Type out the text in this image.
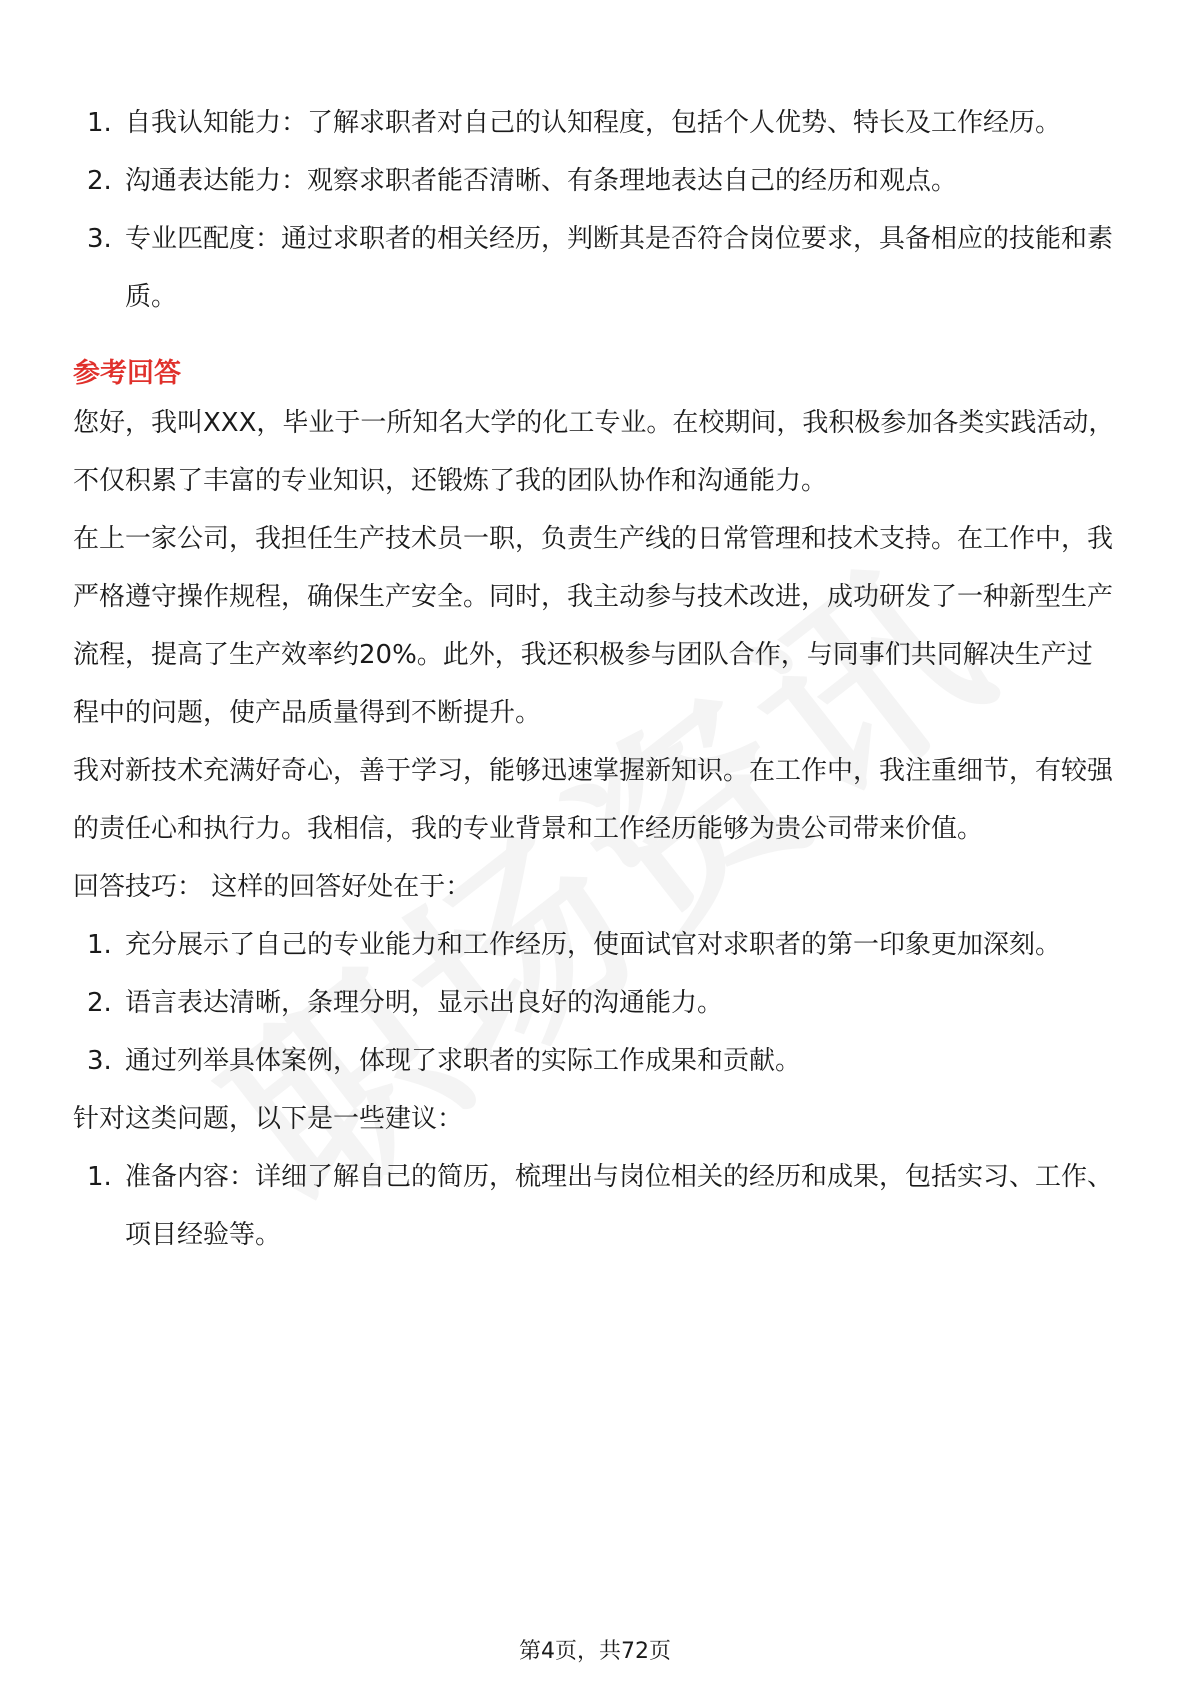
1. 自我认知能力：了解求职者对自己的认知程度，包括个人优势、特长及工作经历。
2. 沟通表达能力：观察求职者能否清晰、有条理地表达自己的经历和观点。
3. 专业匹配度：通过求职者的相关经历，判断其是否符合岗位要求，具备相应的技能和素质。
参考回答

您好，我叫XXX，毕业于一所知名大学的化工专业。在校期间，我积极参加各类实践活动，不仅积累了丰富的专业知识，还锻炼了我的团队协作和沟通能力。

在上一家公司，我担任生产技术员一职，负责生产线的日常管理和技术支持。在工作中，我严格遵守操作规程，确保生产安全。同时，我主动参与技术改进，成功研发了一种新型生产流程，提高了生产效率约20%。此外，我还积极参与团队合作，与同事们共同解决生产过程中的问题，使产品质量得到不断提升。

我对新技术充满好奇心，善于学习，能够迅速掌握新知识。在工作中，我注重细节，有较强的责任心和执行力。我相信，我的专业背景和工作经历能够为贵公司带来价值。

回答技巧： 这样的回答好处在于：

1. 充分展示了自己的专业能力和工作经历，使面试官对求职者的第一印象更加深刻。
2. 语言表达清晰，条理分明，显示出良好的沟通能力。
3. 通过列举具体案例，体现了求职者的实际工作成果和贡献。

针对这类问题，以下是一些建议：

1. 准备内容：详细了解自己的简历，梳理出与岗位相关的经历和成果，包括实习、工作、项目经验等。
第4页，共72页
